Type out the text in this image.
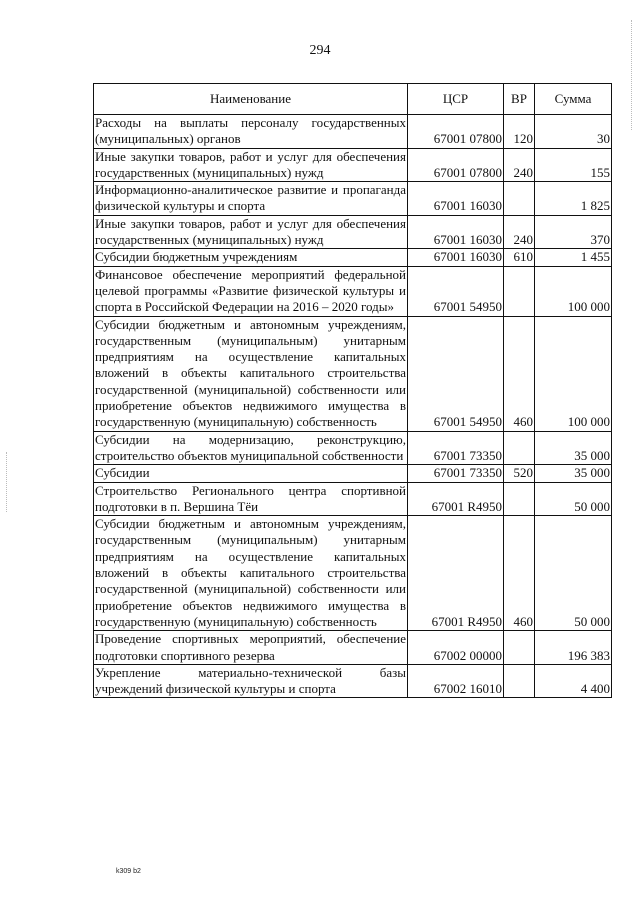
294
Наименование	ЦСР	ВР	Сумма
Расходы на выплаты персоналу государственных (муниципальных) органов	67001 07800	120	30
Иные закупки товаров, работ и услуг для обеспечения государственных (муниципальных) нужд	67001 07800	240	155
Информационно-аналитическое развитие и пропаганда физической культуры и спорта	67001 16030		1 825
Иные закупки товаров, работ и услуг для обеспечения государственных (муниципальных) нужд	67001 16030	240	370
Субсидии бюджетным учреждениям	67001 16030	610	1 455
Финансовое обеспечение мероприятий федеральной целевой программы «Развитие физической культуры и спорта в Российской Федерации на 2016 – 2020 годы»	67001 54950		100 000
Субсидии бюджетным и автономным учреждениям, государственным (муниципальным) унитарным предприятиям на осуществление капитальных вложений в объекты капитального строительства государственной (муниципальной) собственности или приобретение объектов недвижимого имущества в государственную (муниципальную) собственность	67001 54950	460	100 000
Субсидии на модернизацию, реконструкцию, строительство объектов муниципальной собственности	67001 73350		35 000
Субсидии	67001 73350	520	35 000
Строительство Регионального центра спортивной подготовки в п. Вершина Тёи	67001 R4950		50 000
Субсидии бюджетным и автономным учреждениям, государственным (муниципальным) унитарным предприятиям на осуществление капитальных вложений в объекты капитального строительства государственной (муниципальной) собственности или приобретение объектов недвижимого имущества в государственную (муниципальную) собственность	67001 R4950	460	50 000
Проведение спортивных мероприятий, обеспечение подготовки спортивного резерва	67002 00000		196 383
Укрепление материально-технической базы учреждений физической культуры и спорта	67002 16010		4 400
k309 b2
